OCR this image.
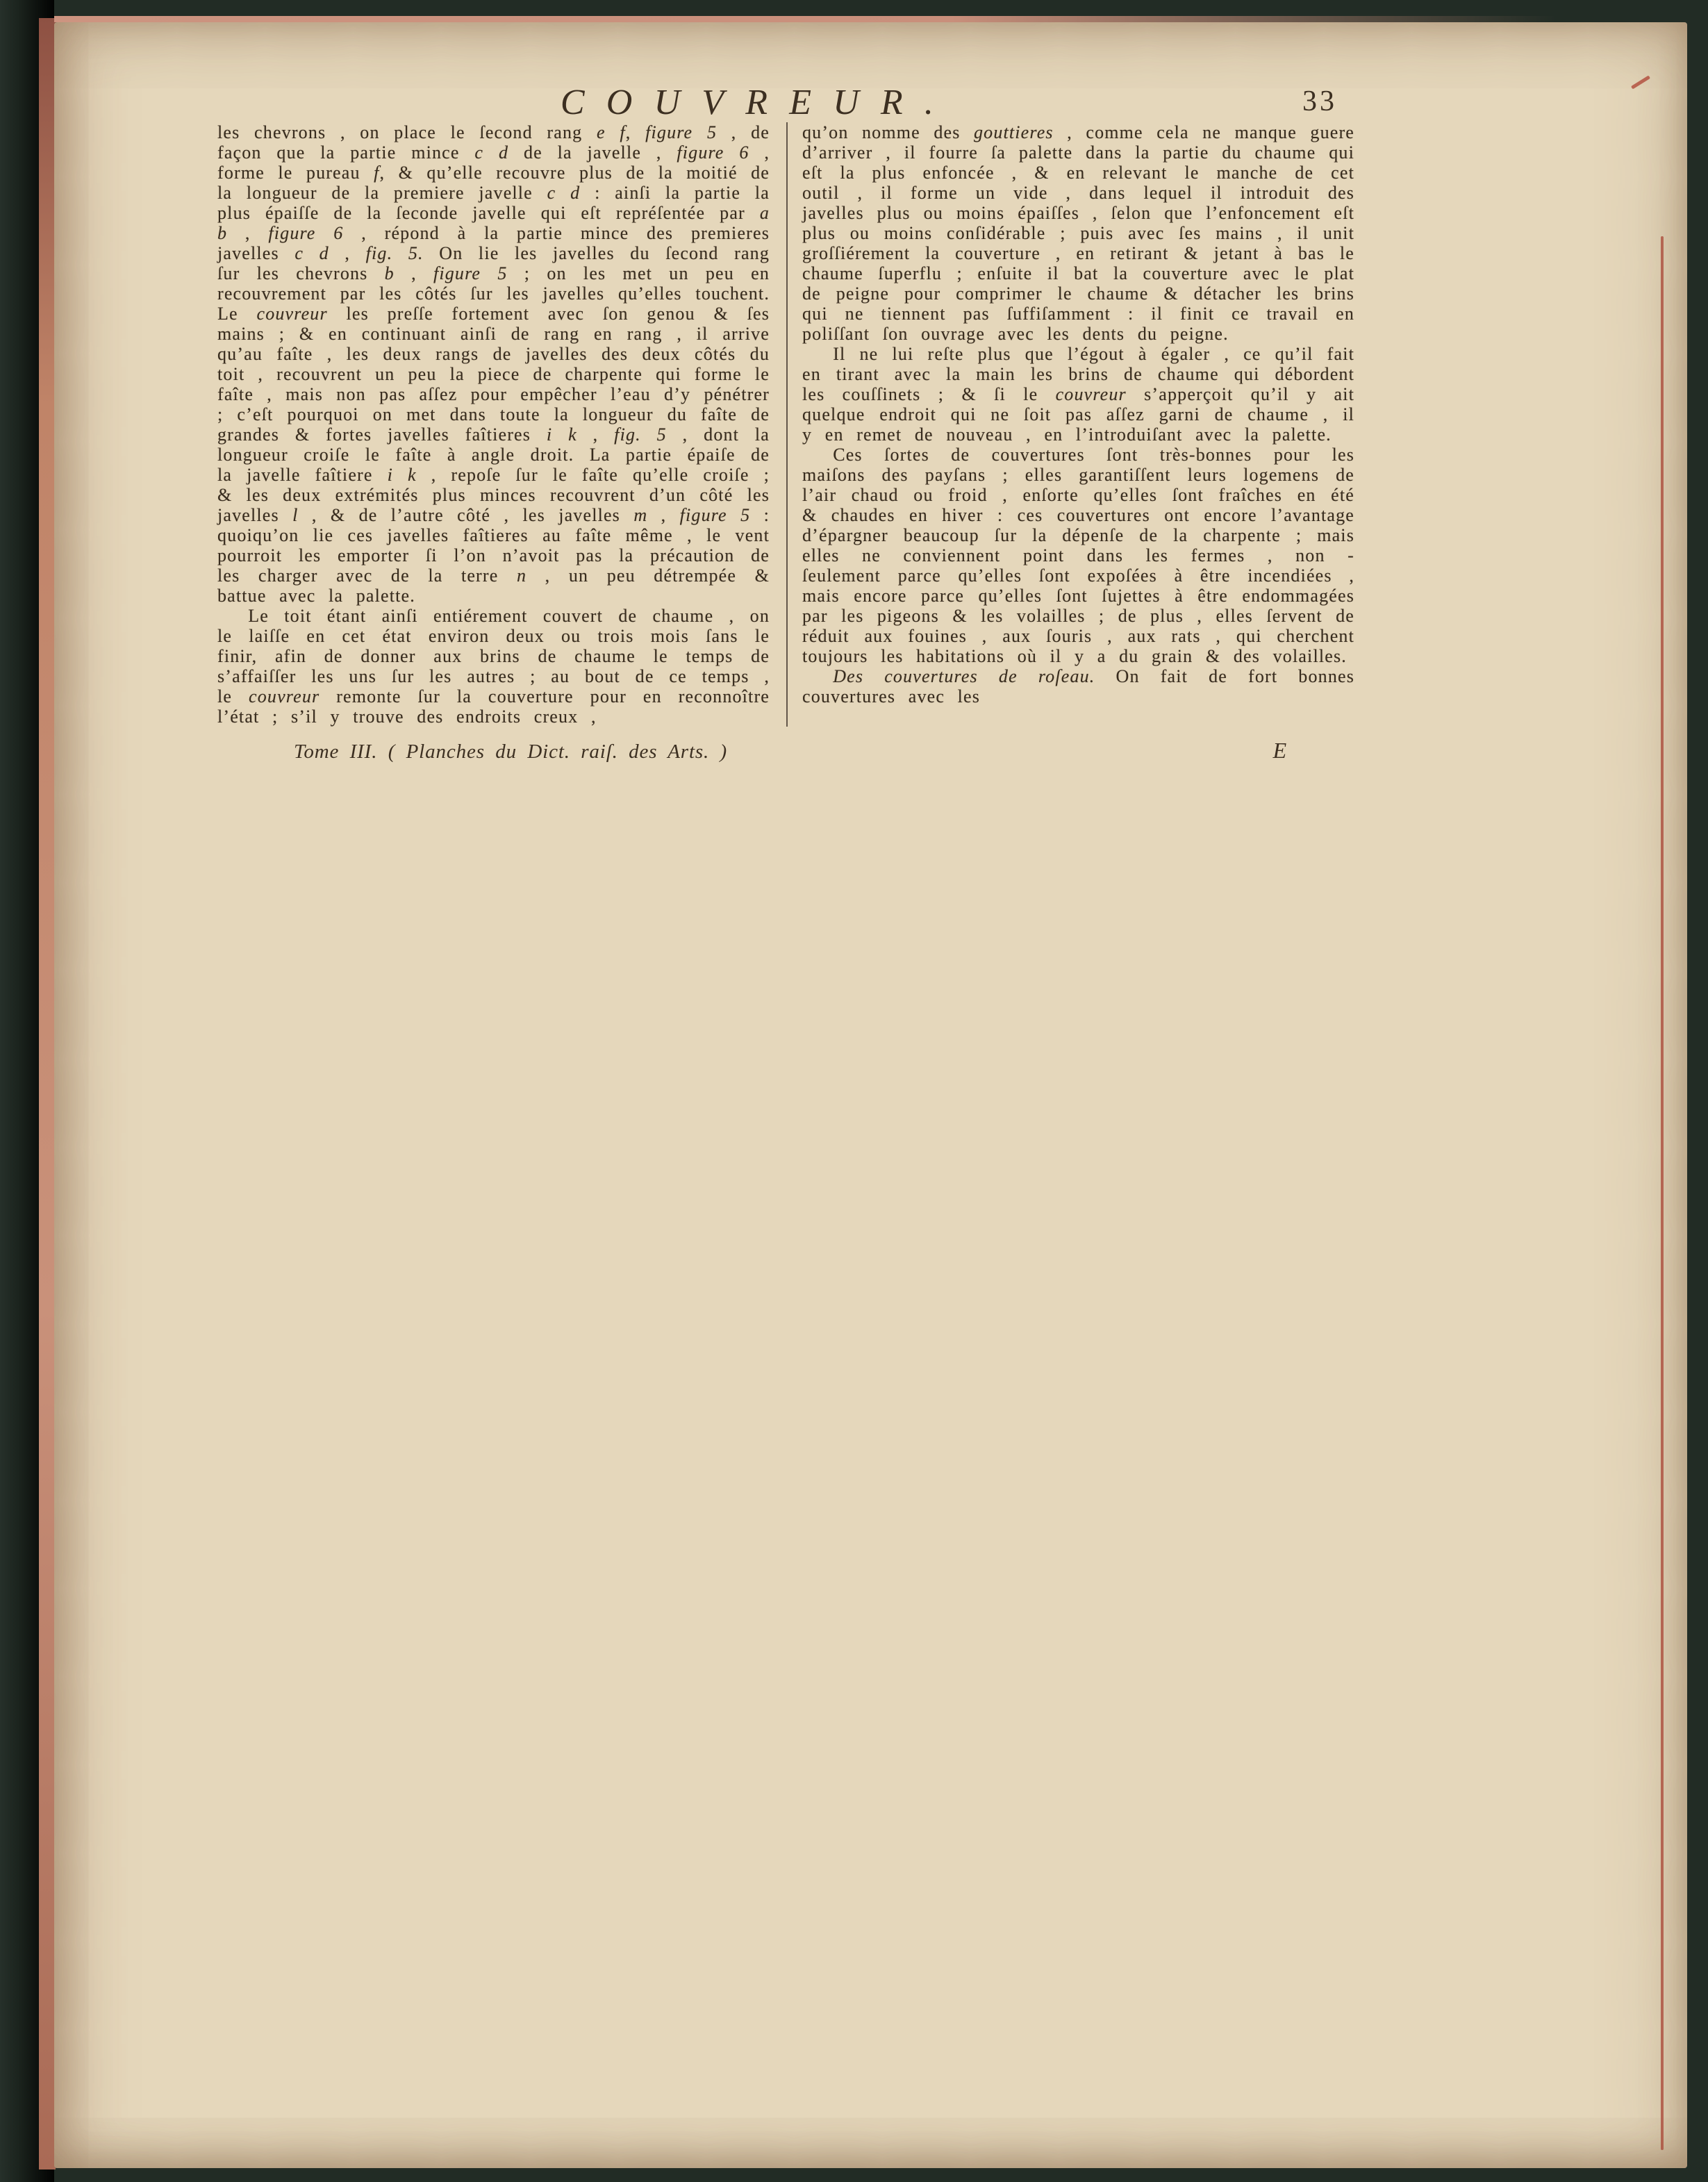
COUVREUR.	33

les chevrons , on place le ſecond rang e f, figure 5 , de façon que la partie mince c d de la javelle , figure 6 , forme le pureau f, & qu’elle recouvre plus de la moitié de la longueur de la premiere javelle c d : ainſi la partie la plus épaiſſe de la ſeconde javelle qui eſt repréſentée par a b , figure 6 , répond à la partie mince des premieres javelles c d , fig. 5. On lie les javelles du ſecond rang ſur les chevrons b , figure 5 ; on les met un peu en recouvrement par les côtés ſur les javelles qu’elles touchent. Le couvreur les preſſe fortement avec ſon genou & ſes mains ; & en continuant ainſi de rang en rang , il arrive qu’au faîte , les deux rangs de javelles des deux côtés du toit , recouvrent un peu la piece de charpente qui forme le faîte , mais non pas aſſez pour empêcher l’eau d’y pénétrer ; c’eſt pourquoi on met dans toute la longueur du faîte de grandes & fortes javelles faîtieres i k , fig. 5 , dont la longueur croiſe le faîte à angle droit. La partie épaiſe de la javelle faîtiere i k , repoſe ſur le faîte qu’elle croiſe ; & les deux extrémités plus minces recouvrent d’un côté les javelles l , & de l’autre côté , les javelles m , figure 5 : quoiqu’on lie ces javelles faîtieres au faîte même , le vent pourroit les emporter ſi l’on n’avoit pas la précaution de les charger avec de la terre n , un peu détrempée & battue avec la palette.

Le toit étant ainſi entiérement couvert de chaume , on le laiſſe en cet état environ deux ou trois mois ſans le finir, afin de donner aux brins de chaume le temps de s’affaiſſer les uns ſur les autres ; au bout de ce temps , le couvreur remonte ſur la couverture pour en reconnoître l’état ; s’il y trouve des endroits creux ,

qu’on nomme des gouttieres , comme cela ne manque guere d’arriver , il fourre ſa palette dans la partie du chaume qui eſt la plus enfoncée , & en relevant le manche de cet outil , il forme un vide , dans lequel il introduit des javelles plus ou moins épaiſſes , ſelon que l’enfoncement eſt plus ou moins conſidérable ; puis avec ſes mains , il unit groſſiérement la couverture , en retirant & jetant à bas le chaume ſuperflu ; enſuite il bat la couverture avec le plat de peigne pour comprimer le chaume & détacher les brins qui ne tiennent pas ſuffiſamment : il finit ce travail en poliſſant ſon ouvrage avec les dents du peigne.

Il ne lui reſte plus que l’égout à égaler , ce qu’il fait en tirant avec la main les brins de chaume qui débordent les couſſinets ; & ſi le couvreur s’apperçoit qu’il y ait quelque endroit qui ne ſoit pas aſſez garni de chaume , il y en remet de nouveau , en l’introduiſant avec la palette.

Ces ſortes de couvertures ſont très-bonnes pour les maiſons des payſans ; elles garantiſſent leurs logemens de l’air chaud ou froid , enſorte qu’elles ſont fraîches en été & chaudes en hiver : ces couvertures ont encore l’avantage d’épargner beaucoup ſur la dépenſe de la charpente ; mais elles ne conviennent point dans les fermes , non - ſeulement parce qu’elles ſont expoſées à être incendiées , mais encore parce qu’elles ſont ſujettes à être endommagées par les pigeons & les volailles ; de plus , elles ſervent de réduit aux fouines , aux ſouris , aux rats , qui cherchent toujours les habitations où il y a du grain & des volailles.

Des couvertures de roſeau. On fait de fort bonnes couvertures avec les

Tome III. ( Planches du Dict. raiſ. des Arts. )	E
